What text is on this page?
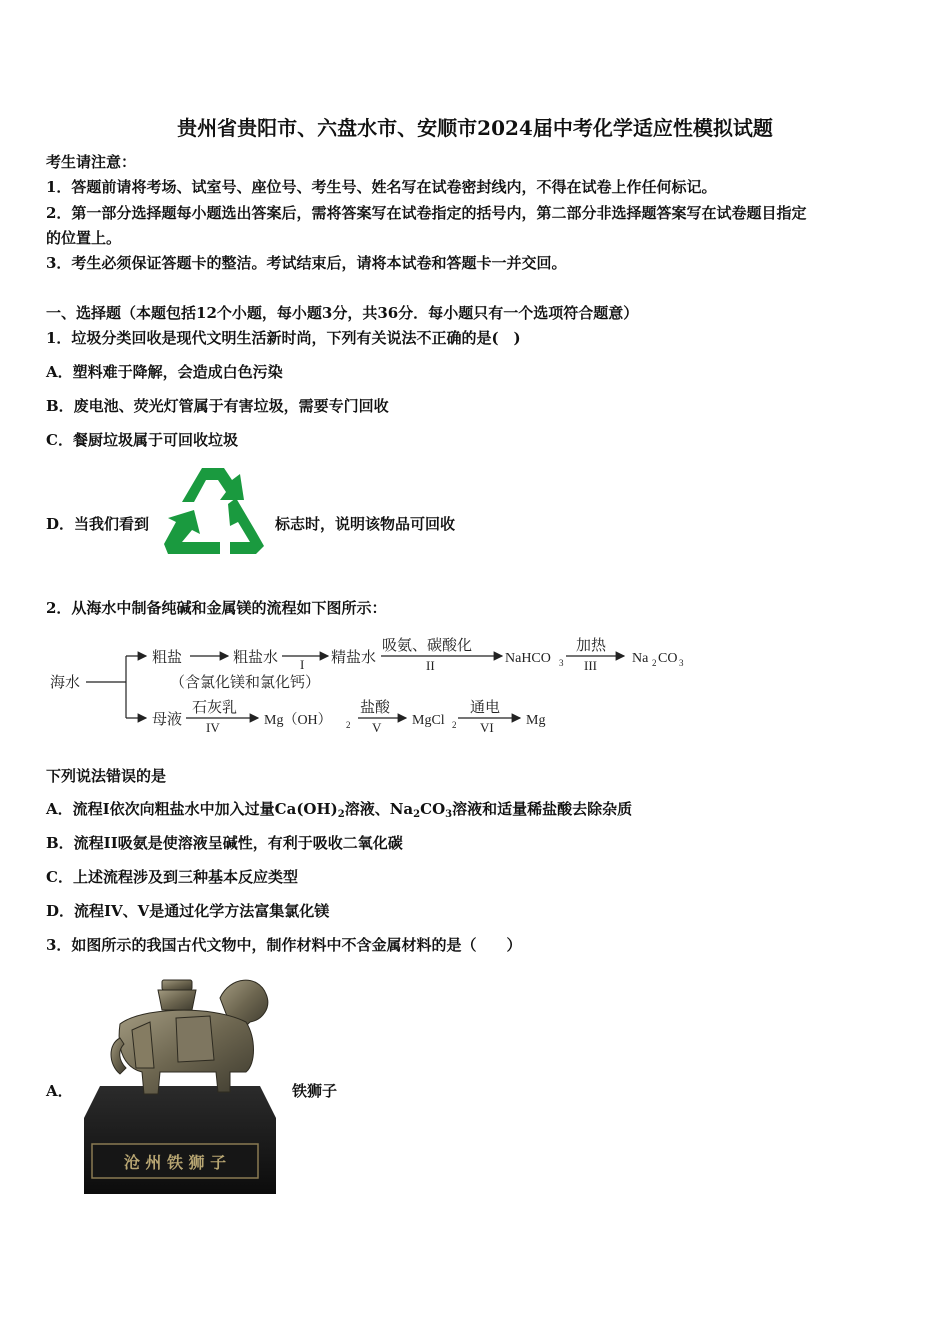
贵州省贵阳市、六盘水市、安顺市2024届中考化学适应性模拟试题
考生请注意：
1．答题前请将考场、试室号、座位号、考生号、姓名写在试卷密封线内，不得在试卷上作任何标记。
2．第一部分选择题每小题选出答案后，需将答案写在试卷指定的括号内，第二部分非选择题答案写在试卷题目指定
的位置上。
3．考生必须保证答题卡的整洁。考试结束后，请将本试卷和答题卡一并交回。
一、选择题（本题包括12个小题，每小题3分，共36分．每小题只有一个选项符合题意）
1．垃圾分类回收是现代文明生活新时尚，下列有关说法不正确的是(　)
A．塑料难于降解，会造成白色污染
B．废电池、荧光灯管属于有害垃圾，需要专门回收
C．餐厨垃圾属于可回收垃圾
D．当我们看到	标志时，说明该物品可回收
2．从海水中制备纯碱和金属镁的流程如下图所示：
海水
粗盐	粗盐水
（含氯化镁和氯化钙）
I 精盐水
吸氨、碳酸化
II	NaHCO 3
加热
III	Na 2 CO 3
母液
石灰乳
IV	Mg（OH） 2
盐酸
V MgCl 2
通电
VI Mg
下列说法错误的是
A．流程I依次向粗盐水中加入过量$Ca(OH)_2$溶液、$Na_2CO_3$溶液和适量稀盐酸去除杂质
B．流程II吸氨是使溶液呈碱性，有利于吸收二氧化碳
C．上述流程涉及到三种基本反应类型
D．流程IV、V是通过化学方法富集氯化镁
3．如图所示的我国古代文物中，制作材料中不含金属材料的是（　　）
A．
沧 州 铁 狮 子
铁狮子
